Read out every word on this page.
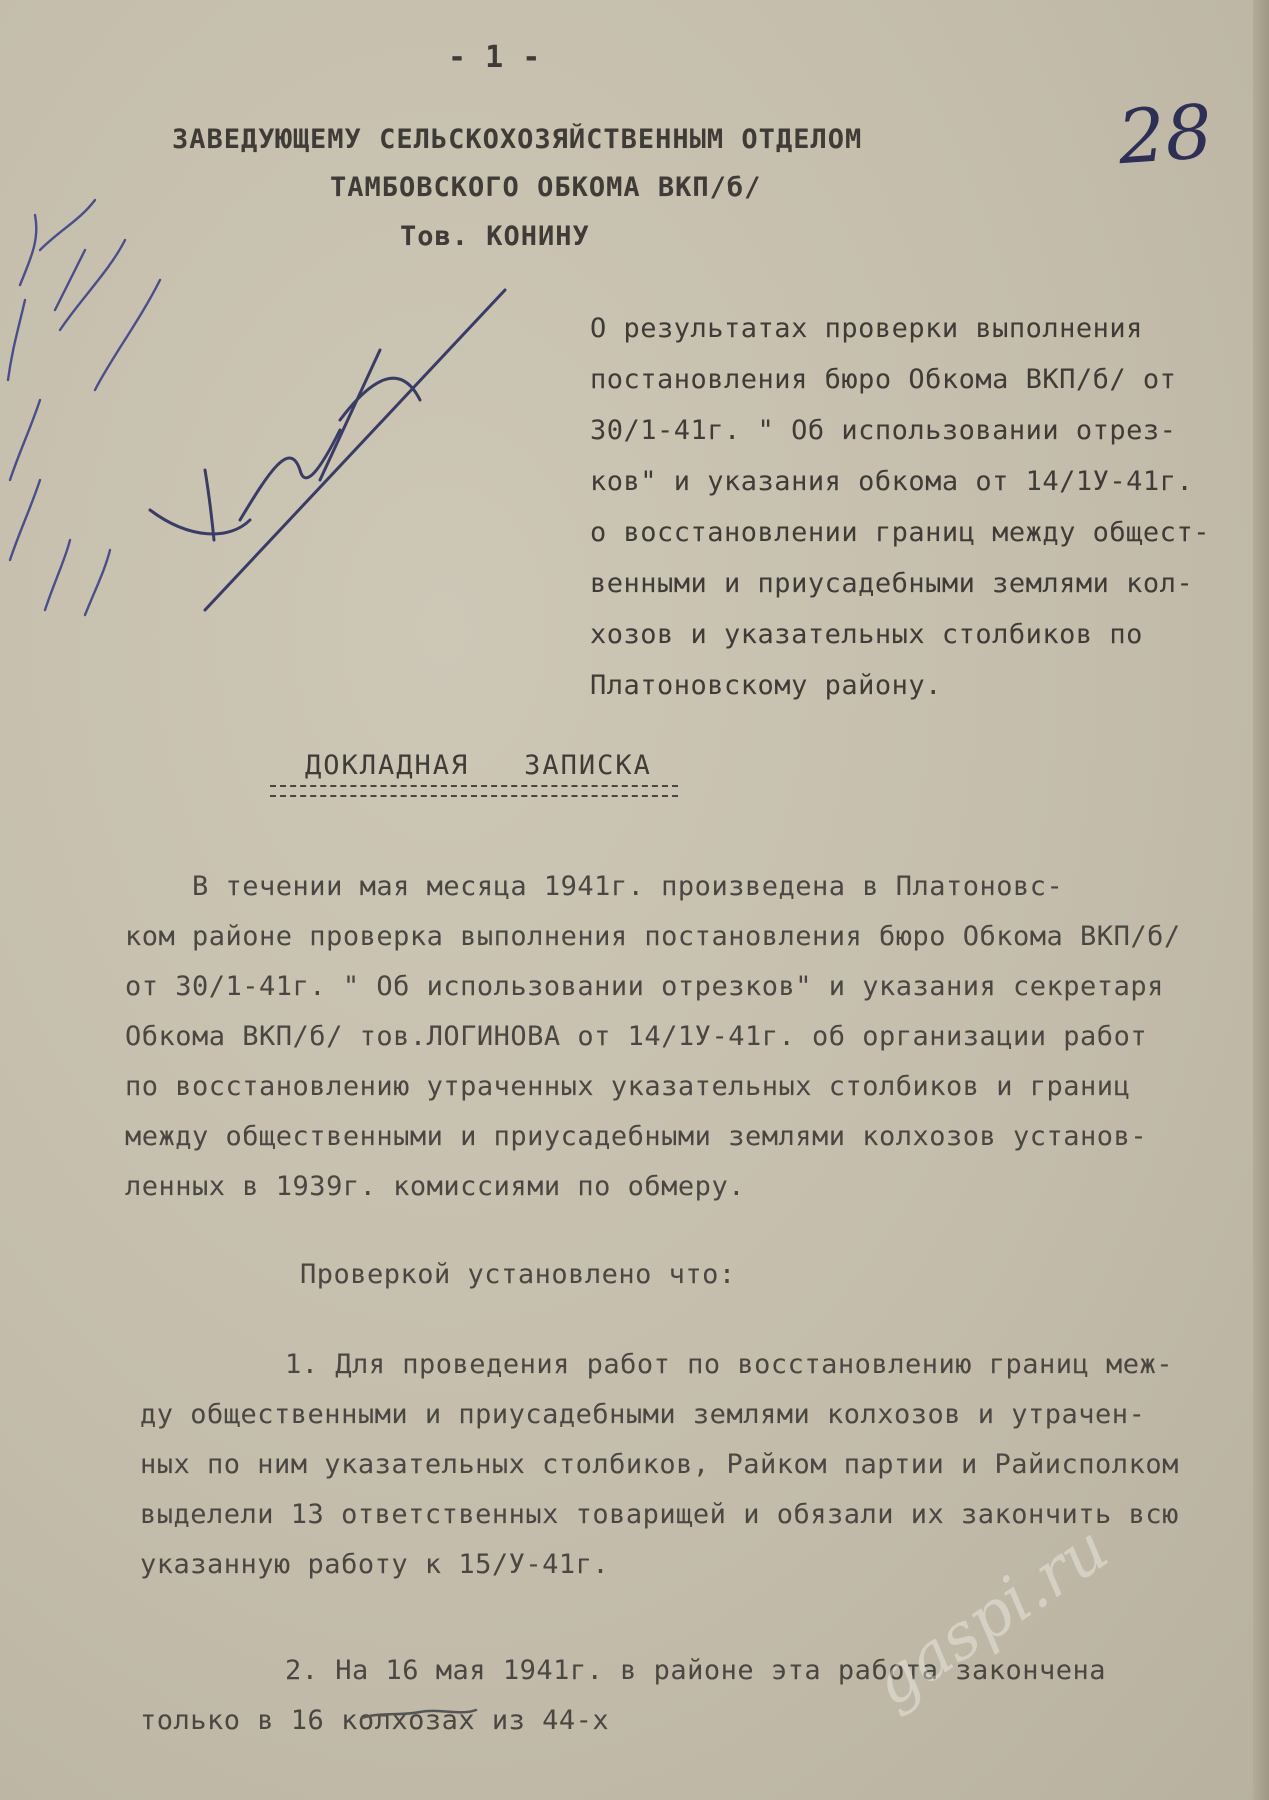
- 1 -
28
ЗАВЕДУЮЩЕМУ СЕЛЬСКОХОЗЯЙСТВЕННЫМ ОТДЕЛОМ
ТАМБОВСКОГО ОБКОМА ВКП/б/
Тов. КОНИНУ
О результатах проверки выполнения
постановления бюро Обкома ВКП/б/ от
30/1-41г. " Об использовании отрез-
ков" и указания обкома от 14/1У-41г.
о восстановлении границ между общест-
венными и приусадебными землями кол-
хозов и указательных столбиков по
Платоновскому району.
ДОКЛАДНАЯ   ЗАПИСКА
В течении мая месяца 1941г. произведена в Платоновс-
ком районе проверка выполнения постановления бюро Обкома ВКП/б/
от 30/1-41г. " Об использовании отрезков" и указания секретаря
Обкома ВКП/б/ тов.ЛОГИНОВА от 14/1У-41г. об организации работ
по восстановлению утраченных указательных столбиков и границ
между общественными и приусадебными землями колхозов установ-
ленных в 1939г. комиссиями по обмеру.
Проверкой установлено что:
1. Для проведения работ по восстановлению границ меж-
ду общественными и приусадебными землями колхозов и утрачен-
ных по ним указательных столбиков, Райком партии и Райисполком
выделели 13 ответственных товарищей и обязали их закончить всю
указанную работу к 15/У-41г.
2. На 16 мая 1941г. в районе эта работа закончена
только в 16 колхозах из 44-х	gaspi.ru
